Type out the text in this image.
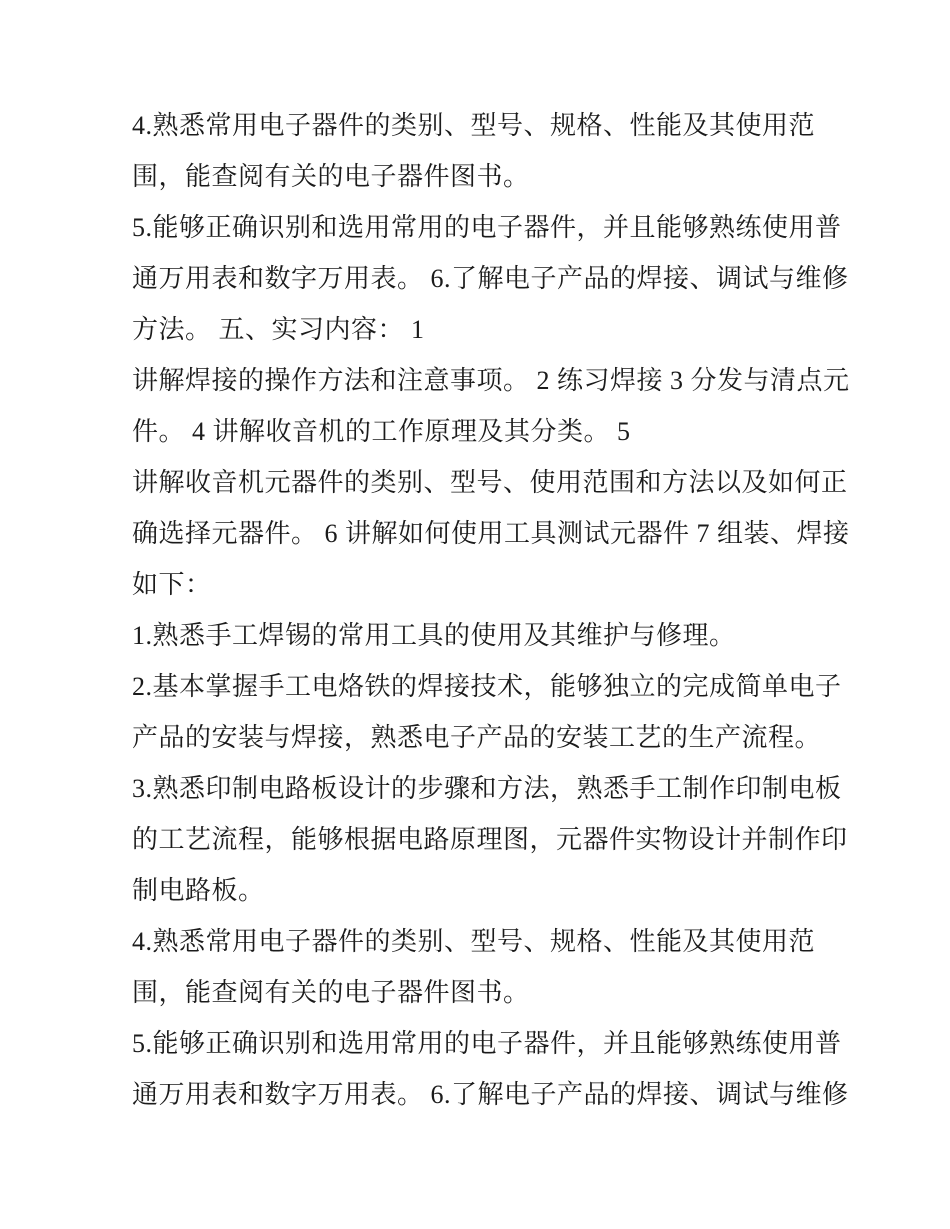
4.熟悉常用电子器件的类别、型号、规格、性能及其使用范
围，能查阅有关的电子器件图书。
5.能够正确识别和选用常用的电子器件，并且能够熟练使用普
通万用表和数字万用表。 6.了解电子产品的焊接、调试与维修
方法。 五、实习内容： 1
讲解焊接的操作方法和注意事项。 2 练习焊接 3 分发与清点元
件。 4 讲解收音机的工作原理及其分类。 5
讲解收音机元器件的类别、型号、使用范围和方法以及如何正
确选择元器件。 6 讲解如何使用工具测试元器件 7 组装、焊接
如下：
1.熟悉手工焊锡的常用工具的使用及其维护与修理。
2.基本掌握手工电烙铁的焊接技术，能够独立的完成简单电子
产品的安装与焊接，熟悉电子产品的安装工艺的生产流程。
3.熟悉印制电路板设计的步骤和方法，熟悉手工制作印制电板
的工艺流程，能够根据电路原理图，元器件实物设计并制作印
制电路板。
4.熟悉常用电子器件的类别、型号、规格、性能及其使用范
围，能查阅有关的电子器件图书。
5.能够正确识别和选用常用的电子器件，并且能够熟练使用普
通万用表和数字万用表。 6.了解电子产品的焊接、调试与维修
